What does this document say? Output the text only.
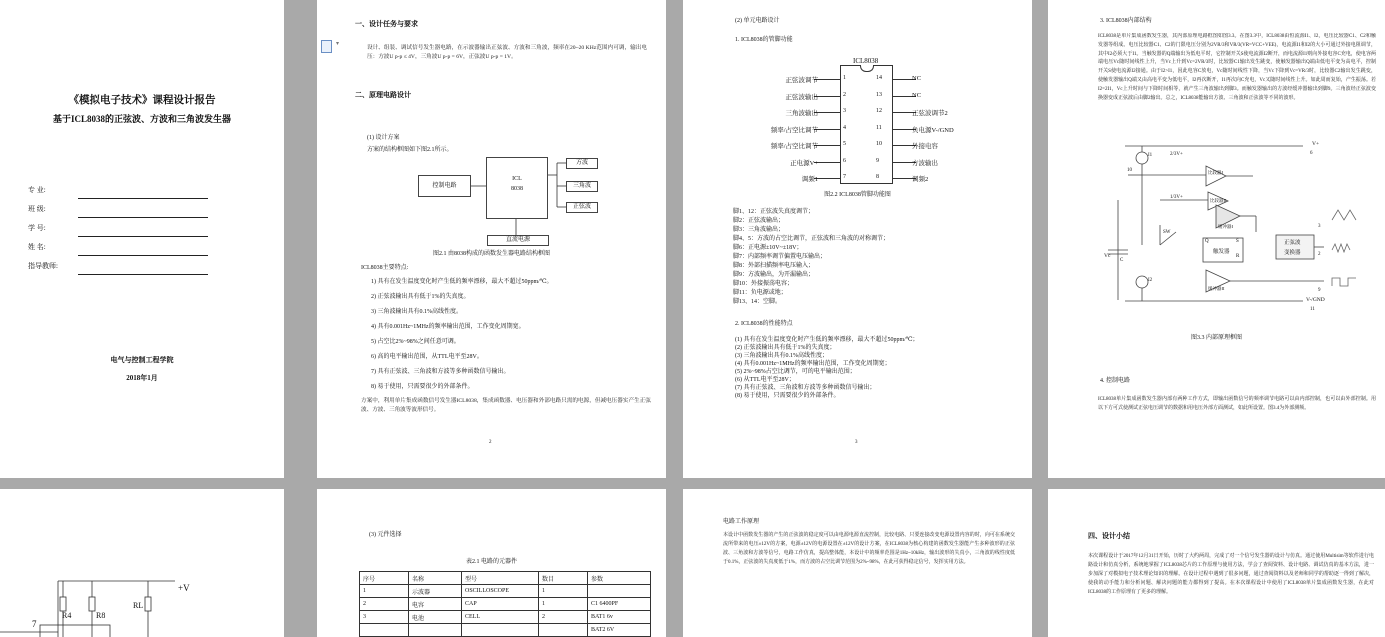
《模拟电子技术》课程设计报告
基于ICL8038的正弦波、方波和三角波发生器
专 业:
班 级:
学 号:
姓 名:
指导教师:
电气与控制工程学院
2018年1月
▾
一、设计任务与要求
设计、组装、调试信号发生器电路，在示波器输出正弦波、方波和三角波，频率在20~20 KHz范围内可调，输出电压：方波U p-p ≤ 4V，三角波U p-p = 6V，正弦波U p-p = 1V。
二、原理电路设计
(1) 设计方案
方案的结构框图如下图2.1所示。
控制电路
ICL
8038
方波
三角波
正弦波
直流电源
图2.1 由8038构成的函数发生器电路结构框图
ICL8038主要特点:
1) 具有在发生温度变化时产生低的频率漂移，最大不超过50ppm/℃。
2) 正弦波输出具有低于1%的失真度。
3) 三角波输出具有0.1%高线性度。
4) 具有0.001Hz~1MHz的频率输出范围，工作变化周期宽。
5) 占空比2%~98%之间任意可调。
6) 高的电平输出范围，从TTL电平至28V。
7) 具有正弦波、三角波和方波等多种函数信号输出。
8) 易于使用，只需要很少的外部条件。
方案中，利用单片集成函数信号发生器ICL8038，集成函数器、电压器和外部电路只需的电源，但减电压器实产生正弦波、方波、三角波等波形信号。
2
(2) 单元电路设计
1. ICL8038的管脚功能
ICL8038
正弦波调节	1
正弦波输出	2
三角波输出	3
频率/占空比调节	4
频率/占空比调节	5
正电源V+	6
调频1	7
NC
14
NC
13
正弦波调节2
12
负电源V-/GND
11
外接电容
10
方波输出
9
调频2
8
图2.2 ICL8038管脚功能图
脚1、12：正弦波失真度调节；
脚2：正弦波输出；
脚3：三角波输出；
脚4、5：方波的占空比调节，正弦波和三角波的对称调节；
脚6：正电源±10V~±18V；
脚7：内部频率调节偏置电压输出；
脚8：外部扫描频率电压输入；
脚9：方波输出，为开漏输出；
脚10：外接振荡电容；
脚11：负电源或地；
脚13、14：空脚。
2. ICL8038的性能特点
(1) 具有在发生温度变化时产生低的频率漂移，最大不超过50ppm/℃；
(2) 正弦波输出具有低于1%的失真度；
(3) 三角波输出具有0.1%高线性度；
(4) 具有0.001Hz~1MHz的频率输出范围，工作变化周期宽；
(5) 2%~98%占空比调节，可的电平输出范围；
(6) 从TTL电平至28V；
(7) 具有正弦波、三角波和方波等多种函数信号输出；
(8) 易于使用，只需要很少的外部条件。
3
3. ICL8038内部结构
ICL8038是单片集成函数发生器，其内部原理电路框图如图3.3。在图3.3中，ICL8038由恒流源I1、I2，电压比较器C1、C2和触发器等组成。电压比较器C1、C2的门限电压分别为2VR/3和VR/3(VR=VCC+VEE)，电流源I1和I2的大小可通过外接电阻调节，其中I2必须大于I1。当触发器的Q端输出为低电平时，它控制开关S使电流源I2断开，而电流源I1则向外接电容C充电，使电容两端电压Vc随时间线性上升，当Vc上升到Vc=2VR/3时，比较器C1输出发生跳变，使触发器输出Q端由低电平变为高电平，控制开关S使电流源I2接通。由于I2>I1，因此电容C放电，Vc随时间线性下降，当Vc下降到Vc=VR/3时，比较器C2输出发生跳变，使触发器输出Q端又由高电平变为低电平，I2再次断开，I1再次向C充电，Vc又随时间线性上升。如此周而复始，产生振荡。若I2=2I1，Vc上升时间与下降时间相等，就产生三角波输出到脚3。而触发器输出的方波经缓冲器输出到脚9。三角波经正弦波变换器变成正弦波后由脚2输出。总之，ICL8038能输出方波、三角波和正弦波等不同的波形。
V+
6
10
I1	2/3V+
1/3V+
比较器I
比较器II
缓冲器I
缓冲器II
SW
触发器
Q	S
R
正弦波
变换器
Vc
C
I2
3
2
9
V-/GND
11
图3.3 内部原理框图
4. 控制电路
ICL8038单片集成函数发生器内部有两种工作方式，即输出函数信号的频率调节电路可以由内部控制，也可以由外部控制。用以下方可式使测试正弦电压调节的数据和用电压外部方面测试，如此所设置。图3.4为外部测频。
+V
R4	R8
RL
7
(3) 元件选择
表2.1 电路的元器件
序号	名称	型号	数目	参数
1	示波器	OSCILLOSCOPE	1	
2	电容	CAP	1	C1 6400PF
3	电池	CELL	2	BAT1 6v
				BAT2 6V
电路工作原理
本设计中函数发生器的产生的正弦波的稳定度可以由电源电源直流控制，比较电路、只要连接改变电源设置内容的时，向可在系统交流所带来的电压±12V的方案，电源±12V的电源设置在±12V的设计方案，在ICL8038为核心构建的函数发生器能产生多种波形的正弦波、三角波和方波等信号，电路工作仿真，提高整体能，本设计中的频率范围是1Hz~10kHz，输出波形的失真小，三角波的线性度低于0.1%，正弦波的失真度低于1%，而方波的占空比调节范围为2%~98%，在此可获得稳定信号，发挥实用方法。
四、设计小结
本次课程设计于2017年12月31日开始，历时了大约两周，完成了对一个信号发生器的设计与仿真。通过使用Multisim等软件进行电路设计和仿真分析，系统地掌握了ICL8038芯片的工作原理与使用方法，学会了查阅资料、设计电路、调试仿真的基本方法，进一步加深了对模拟电子技术理论知识的理解。在设计过程中遇到了很多问题，通过查阅资料以及老师和同学的帮助逐一得到了解决，使我的动手能力和分析问题、解决问题的能力都得到了提高。在本次课程设计中使用了ICL8038单片集成函数发生器，在此对ICL8038的工作原理有了更多的理解。
